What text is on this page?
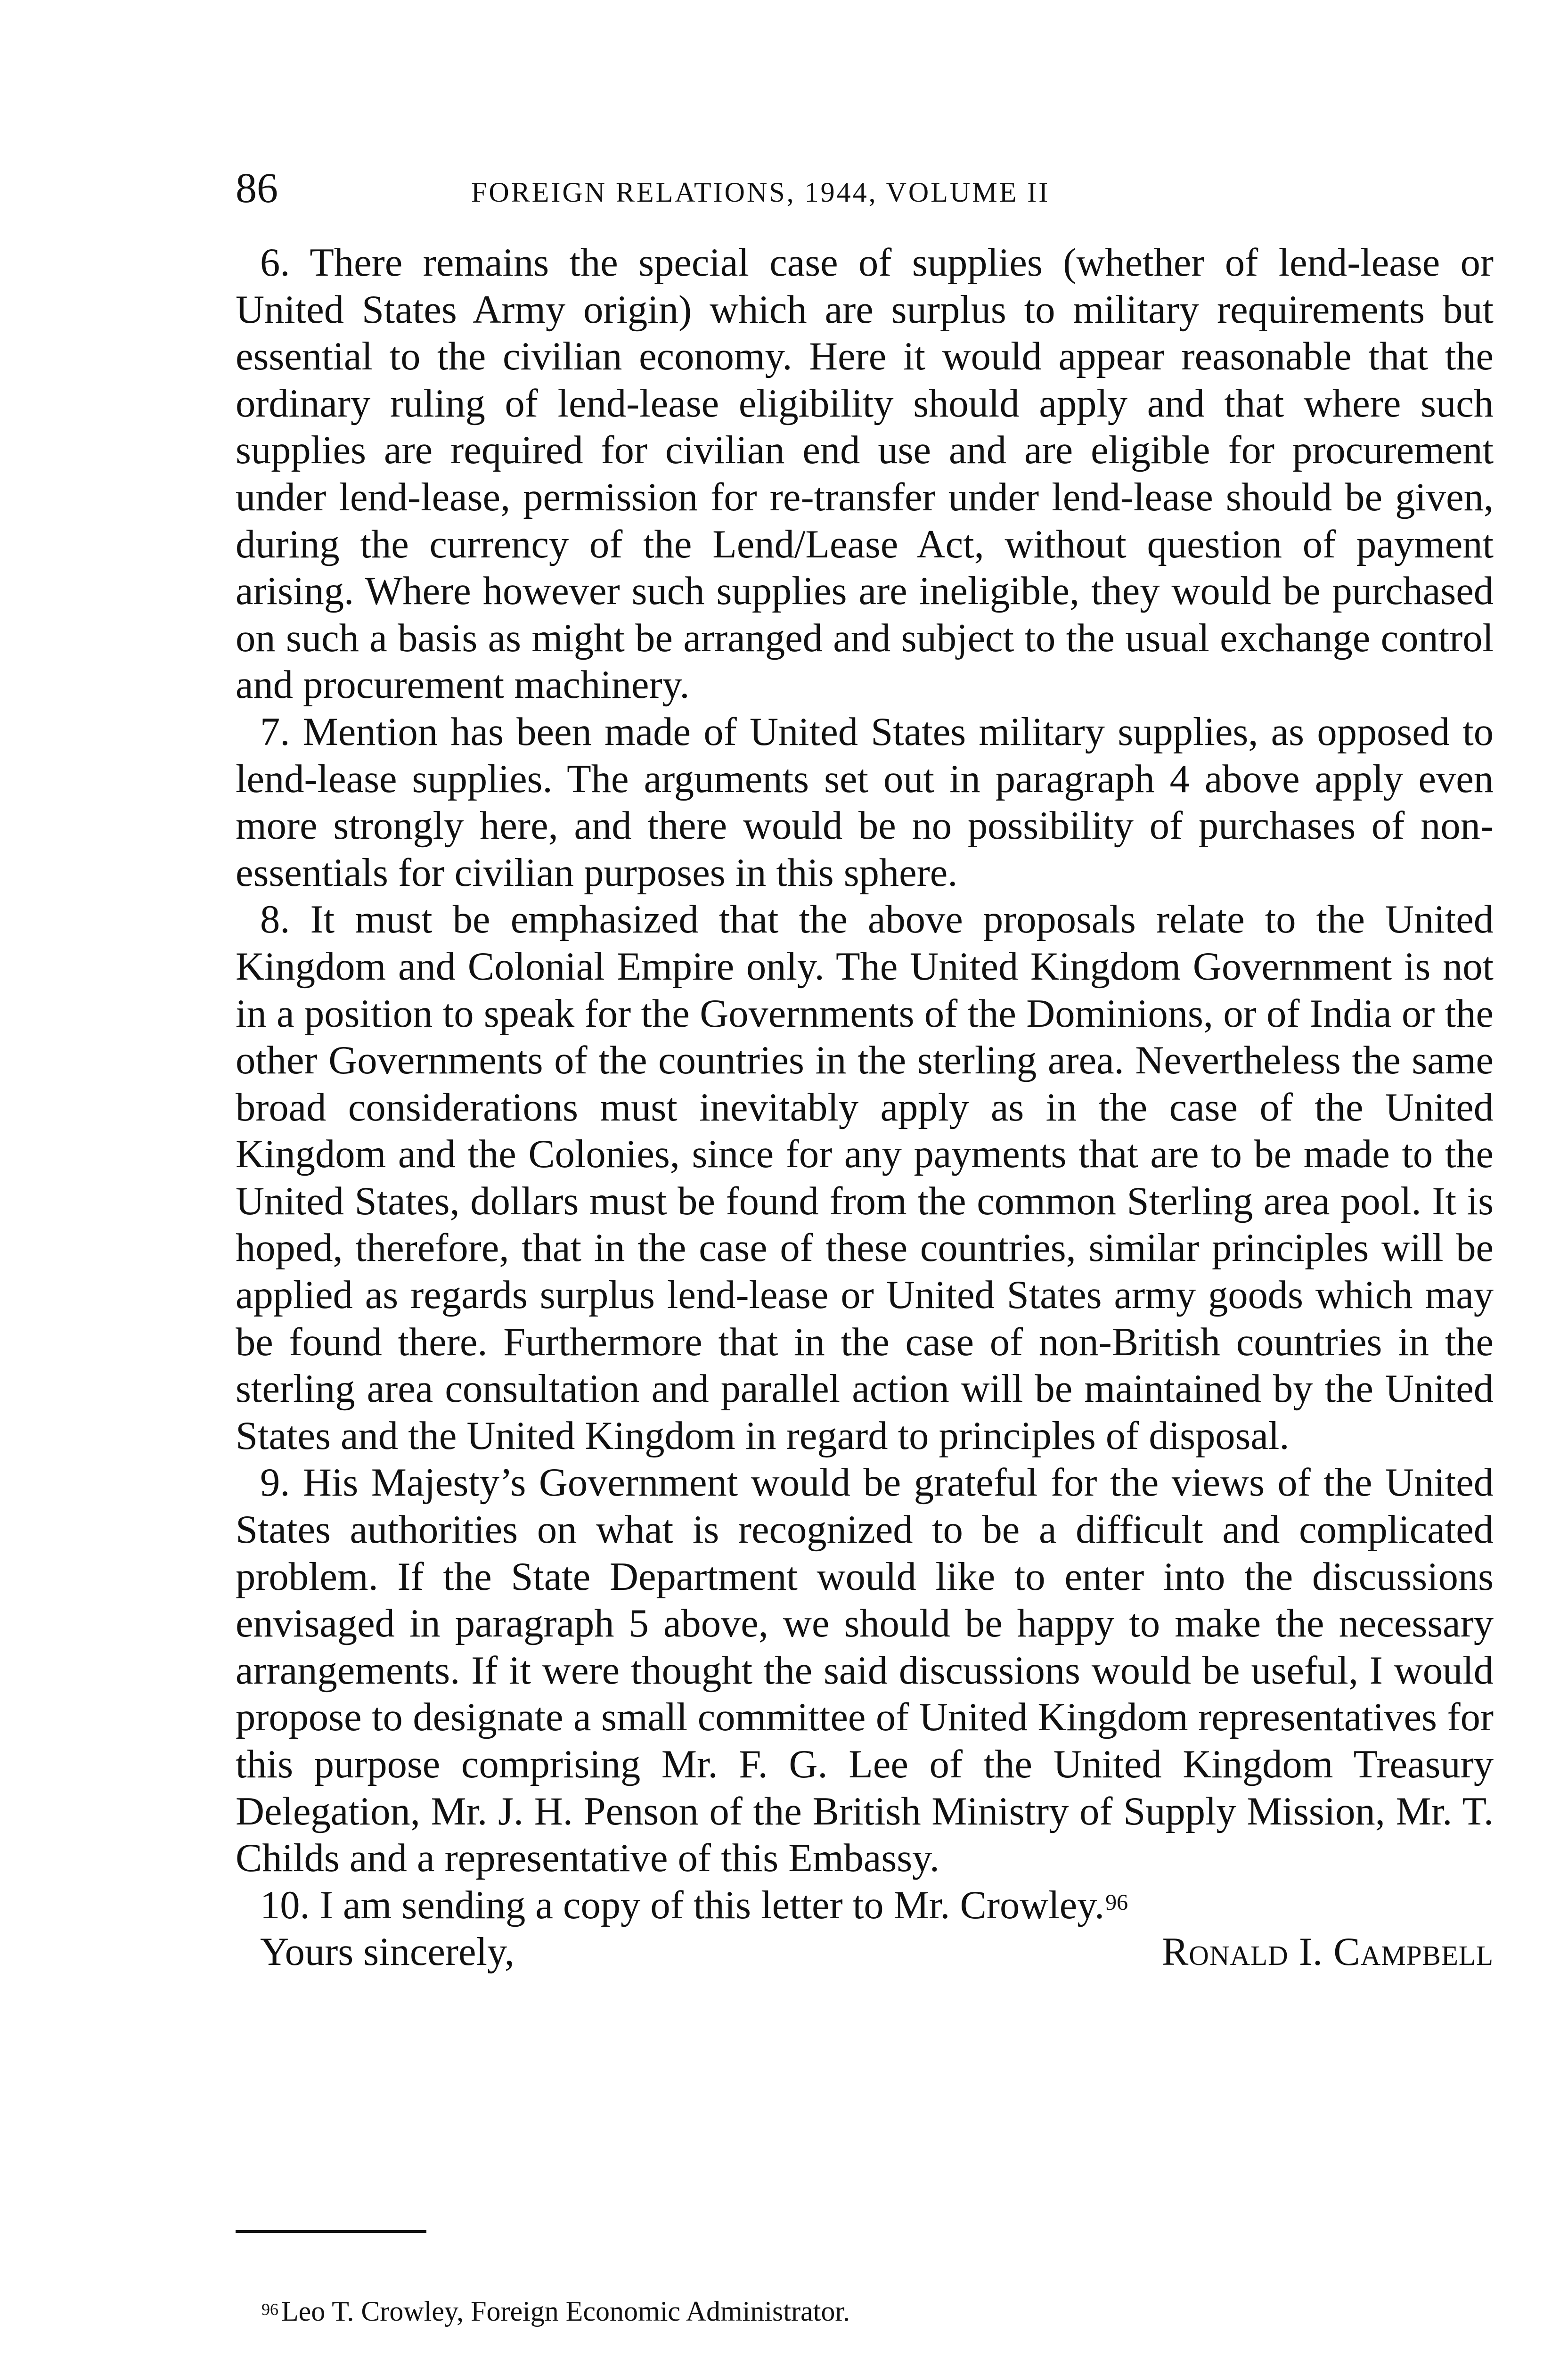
86	FOREIGN RELATIONS, 1944, VOLUME II

6. There remains the special case of supplies (whether of lend-lease or United States Army origin) which are surplus to military requirements but essential to the civilian economy. Here it would appear reasonable that the ordinary ruling of lend-lease eligibility should apply and that where such supplies are required for civilian end use and are eligible for procurement under lend-lease, permission for re-transfer under lend-lease should be given, during the currency of the Lend/Lease Act, without question of payment arising. Where however such supplies are ineligible, they would be purchased on such a basis as might be arranged and subject to the usual exchange control and procurement machinery.

7. Mention has been made of United States military supplies, as opposed to lend-lease supplies. The arguments set out in paragraph 4 above apply even more strongly here, and there would be no possibility of purchases of non-essentials for civilian purposes in this sphere.

8. It must be emphasized that the above proposals relate to the United Kingdom and Colonial Empire only. The United Kingdom Government is not in a position to speak for the Governments of the Dominions, or of India or the other Governments of the countries in the sterling area. Nevertheless the same broad considerations must inevitably apply as in the case of the United Kingdom and the Colonies, since for any payments that are to be made to the United States, dollars must be found from the common Sterling area pool. It is hoped, therefore, that in the case of these countries, similar principles will be applied as regards surplus lend-lease or United States army goods which may be found there. Furthermore that in the case of non-British countries in the sterling area consultation and parallel action will be maintained by the United States and the United Kingdom in regard to principles of disposal.

9. His Majesty’s Government would be grateful for the views of the United States authorities on what is recognized to be a difficult and complicated problem. If the State Department would like to enter into the discussions envisaged in paragraph 5 above, we should be happy to make the necessary arrangements. If it were thought the said discussions would be useful, I would propose to designate a small committee of United Kingdom representatives for this purpose comprising Mr. F. G. Lee of the United Kingdom Treasury Delegation, Mr. J. H. Penson of the British Ministry of Supply Mission, Mr. T. Childs and a representative of this Embassy.

10. I am sending a copy of this letter to Mr. Crowley.$^{96}$

Yours sincerely,	Ronald I. Campbell
$^{96}$ Leo T. Crowley, Foreign Economic Administrator.
